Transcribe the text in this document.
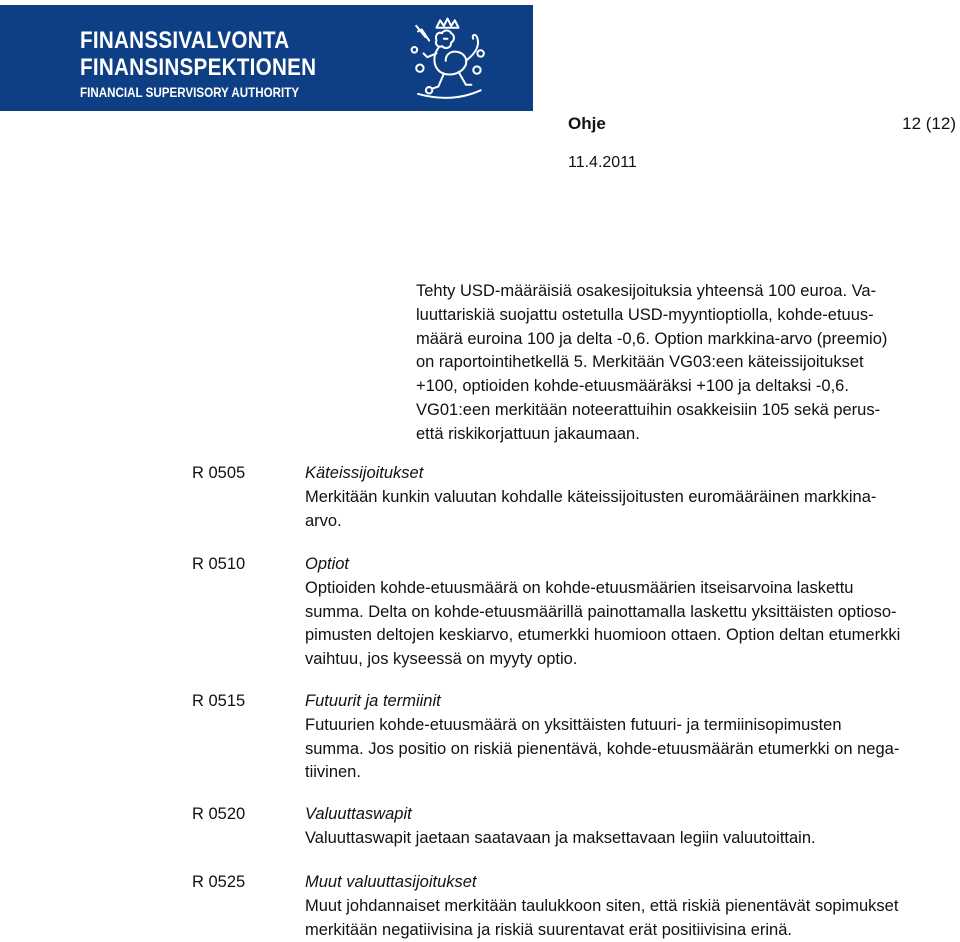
FINANSSIVALVONTA
FINANSINSPEKTIONEN
FINANCIAL SUPERVISORY AUTHORITY
Ohje	12 (12)
11.4.2011
Tehty USD-määräisiä osakesijoituksia yhteensä 100 euroa. Va-
luuttariskiä suojattu ostetulla USD-myyntioptiolla, kohde-etuus-
määrä euroina 100 ja delta -0,6. Option markkina-arvo (preemio)
on raportointihetkellä 5. Merkitään VG03:een käteissijoitukset
+100, optioiden kohde-etuusmääräksi +100 ja deltaksi -0,6.
VG01:een merkitään noteerattuihin osakkeisiin 105 sekä perus-
että riskikorjattuun jakaumaan.
R 0505	Käteissijoitukset
Merkitään kunkin valuutan kohdalle käteissijoitusten euromääräinen markkina-
arvo.
R 0510	Optiot
Optioiden kohde-etuusmäärä on kohde-etuusmäärien itseisarvoina laskettu
summa. Delta on kohde-etuusmäärillä painottamalla laskettu yksittäisten optioso-
pimusten deltojen keskiarvo, etumerkki huomioon ottaen. Option deltan etumerkki
vaihtuu, jos kyseessä on myyty optio.
R 0515	Futuurit ja termiinit
Futuurien kohde-etuusmäärä on yksittäisten futuuri- ja termiinisopimusten
summa. Jos positio on riskiä pienentävä, kohde-etuusmäärän etumerkki on nega-
tiivinen.
R 0520	Valuuttaswapit
Valuuttaswapit jaetaan saatavaan ja maksettavaan legiin valuutoittain.
R 0525	Muut valuuttasijoitukset
Muut johdannaiset merkitään taulukkoon siten, että riskiä pienentävät sopimukset
merkitään negatiivisina ja riskiä suurentavat erät positiivisina erinä.
